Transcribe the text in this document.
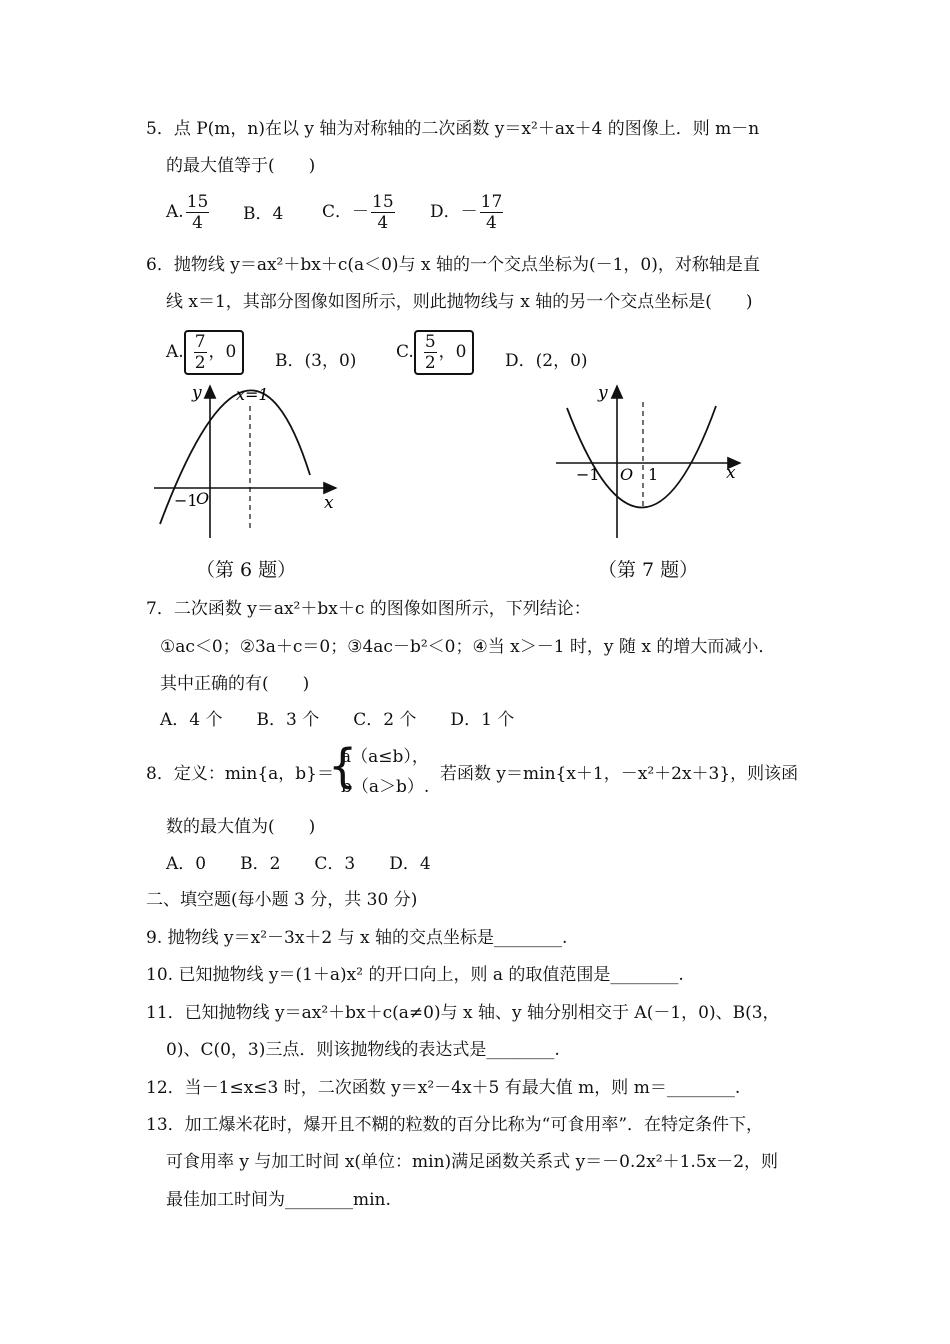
5．点 P(m，n)在以 y 轴为对称轴的二次函数 y＝x²＋ax＋4 的图像上．则 m－n
的最大值等于(　　)
A. $\frac{15}{4}$ B．4 C．－ $\frac{15}{4}$ D．－ $\frac{17}{4}$
6．抛物线 y＝ax²＋bx＋c(a＜0)与 x 轴的一个交点坐标为(－1，0)，对称轴是直
线 x＝1，其部分图像如图所示，则此抛物线与 x 轴的另一个交点坐标是(　　)
A. $\frac{7}{2}$ ，0	B．(3，0) C. $\frac{5}{2}$ ，0	D．(2，0)
y x=1
x
−1
O
（第 6 题）
y
x
−1 O 1
（第 7 题）
7．二次函数 y＝ax²＋bx＋c 的图像如图所示，下列结论：
①ac＜0；②3a＋c＝0；③4ac－b²＜0；④当 x＞－1 时，y 随 x 的增大而减小．
其中正确的有(　　)
A．4 个　　B．3 个　　C．2 个　　D．1 个
8．定义：min{a，b}＝
{
a（a≤b），
b（a＞b）.
若函数 y＝min{x＋1，－x²＋2x＋3}，则该函
数的最大值为(　　)
A．0　　B．2　　C．3　　D．4
二、填空题(每小题 3 分，共 30 分)
9. 抛物线 y＝x²－3x＋2 与 x 轴的交点坐标是________.
10. 已知抛物线 y＝(1＋a)x² 的开口向上，则 a 的取值范围是________.
11．已知抛物线 y＝ax²＋bx＋c(a≠0)与 x 轴、y 轴分别相交于 A(－1，0)、B(3，
0)、C(0，3)三点．则该抛物线的表达式是________.
12．当－1≤x≤3 时，二次函数 y＝x²－4x＋5 有最大值 m，则 m＝________.
13．加工爆米花时，爆开且不糊的粒数的百分比称为“可食用率”．在特定条件下，
可食用率 y 与加工时间 x(单位：min)满足函数关系式 y＝－0.2x²＋1.5x－2，则
最佳加工时间为________min.
